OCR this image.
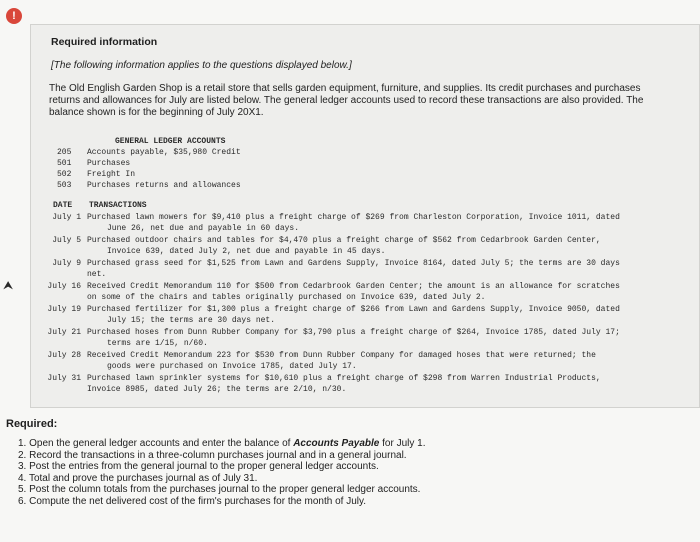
!
Required information
[The following information applies to the questions displayed below.]
The Old English Garden Shop is a retail store that sells garden equipment, furniture, and supplies. Its credit purchases and purchases returns and allowances for July are listed below. The general ledger accounts used to record these transactions are also provided. The balance shown is for the beginning of July 20X1.
GENERAL LEDGER ACCOUNTS
205	Accounts payable, $35,980 Credit
501	Purchases
502	Freight In
503	Purchases returns and allowances
DATE	TRANSACTIONS
July 1 Purchased lawn mowers for $9,410 plus a freight charge of $269 from Charleston Corporation, Invoice 1011, dated
June 26, net due and payable in 60 days.
July 5 Purchased outdoor chairs and tables for $4,470 plus a freight charge of $562 from Cedarbrook Garden Center,
Invoice 639, dated July 2, net due and payable in 45 days.
July 9 Purchased grass seed for $1,525 from Lawn and Gardens Supply, Invoice 8164, dated July 5; the terms are 30 days
net.
⮝	July 16 Received Credit Memorandum 110 for $500 from Cedarbrook Garden Center; the amount is an allowance for scratches
on some of the chairs and tables originally purchased on Invoice 639, dated July 2.
July 19 Purchased fertilizer for $1,300 plus a freight charge of $266 from Lawn and Gardens Supply, Invoice 9050, dated
July 15; the terms are 30 days net.
July 21 Purchased hoses from Dunn Rubber Company for $3,790 plus a freight charge of $264, Invoice 1785, dated July 17;
terms are 1/15, n/60.
July 28 Received Credit Memorandum 223 for $530 from Dunn Rubber Company for damaged hoses that were returned; the
goods were purchased on Invoice 1785, dated July 17.
July 31 Purchased lawn sprinkler systems for $10,610 plus a freight charge of $298 from Warren Industrial Products,
Invoice 8985, dated July 26; the terms are 2/10, n/30.
Required:
1. Open the general ledger accounts and enter the balance of Accounts Payable for July 1.
2. Record the transactions in a three-column purchases journal and in a general journal.
3. Post the entries from the general journal to the proper general ledger accounts.
4. Total and prove the purchases journal as of July 31.
5. Post the column totals from the purchases journal to the proper general ledger accounts.
6. Compute the net delivered cost of the firm's purchases for the month of July.
